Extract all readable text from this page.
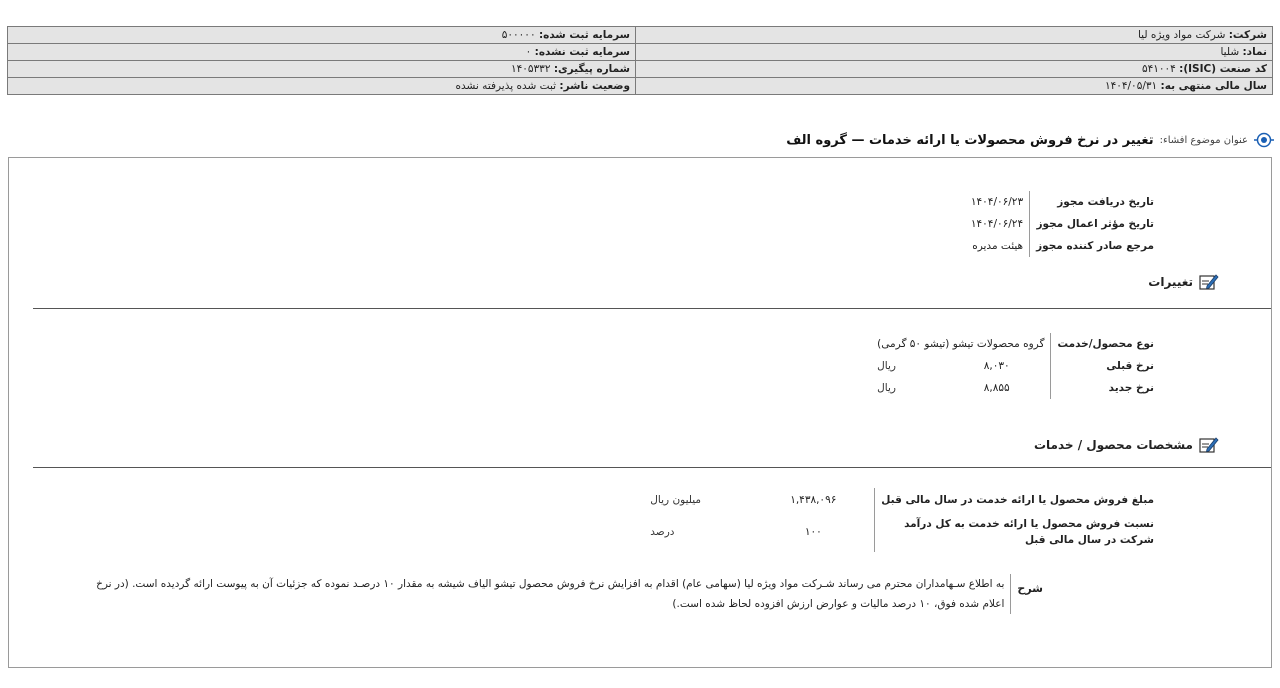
شرکت: شرکت مواد ویژه لیا	سرمایه ثبت شده: ۵۰۰۰۰۰
نماد: شلیا	سرمایه ثبت نشده: ۰
کد صنعت (ISIC): ۵۴۱۰۰۴	شماره پیگیری: ۱۴۰۵۳۳۲
سال مالی منتهی به: ۱۴۰۴/۰۵/۳۱	وضعیت ناشر: ثبت شده پذیرفته نشده
عنوان موضوع افشاء:
تغییر در نرخ فروش محصولات یا ارائه خدمات — گروه الف
تاریخ دریافت مجوز	۱۴۰۴/۰۶/۲۳
تاریخ مؤثر اعمال مجوز	۱۴۰۴/۰۶/۲۴
مرجع صادر کننده مجوز	هیئت مدیره
تغییرات
نوع محصول/خدمت	گروه محصولات تیشو (تیشو ۵۰ گرمی)	
نرخ قبلی	۸,۰۳۰	ریال
نرخ جدید	۸,۸۵۵	ریال
مشخصات محصول / خدمات
مبلغ فروش محصول یا ارائه خدمت در سال مالی قبل	۱,۴۳۸,۰۹۶	میلیون ریال

نسبت فروش محصول یا ارائه خدمت به کل درآمد
شرکت در سال مالی قبل	۱۰۰	درصد
شرح
به اطلاع سـهامداران محترم می رساند شـرکت مواد ویژه لیا (سهامی عام) اقدام به افزایش نرخ فروش محصول تیشو الیاف شیشه به مقدار ۱۰ درصـد نموده که جزئیات آن به پیوست ارائه گردیده است. (در نرخ اعلام شده فوق، ۱۰ درصد مالیات و عوارض ارزش افزوده لحاظ شده است.)
